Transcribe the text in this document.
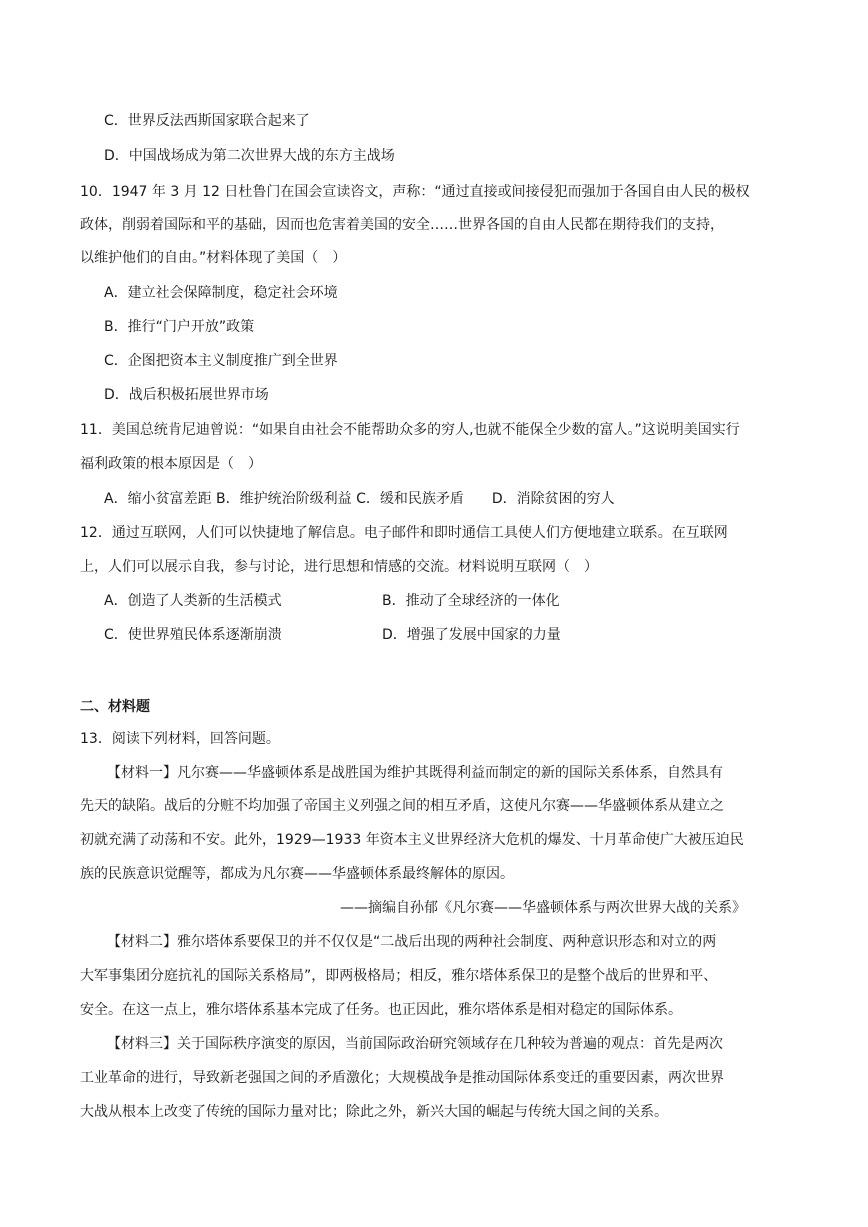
C．世界反法西斯国家联合起来了
D．中国战场成为第二次世界大战的东方主战场
10．1947 年 3 月 12 日杜鲁门在国会宣读咨文，声称：“通过直接或间接侵犯而强加于各国自由人民的极权
政体，削弱着国际和平的基础，因而也危害着美国的安全……世界各国的自由人民都在期待我们的支持，
以维护他们的自由。”材料体现了美国（　）
A．建立社会保障制度，稳定社会环境
B．推行“门户开放”政策
C．企图把资本主义制度推广到全世界
D．战后积极拓展世界市场
11．美国总统肯尼迪曾说：“如果自由社会不能帮助众多的穷人,也就不能保全少数的富人。”这说明美国实行
福利政策的根本原因是（　）
A．缩小贫富差距 B．维护统治阶级利益 C．缓和民族矛盾　　D．消除贫困的穷人
12．通过互联网，人们可以快捷地了解信息。电子邮件和即时通信工具使人们方便地建立联系。在互联网
上，人们可以展示自我，参与讨论，进行思想和情感的交流。材料说明互联网（　）
A．创造了人类新的生活模式	B．推动了全球经济的一体化
C．使世界殖民体系逐渐崩溃	D．增强了发展中国家的力量
二、材料题
13．阅读下列材料，回答问题。
【材料一】凡尔赛——华盛顿体系是战胜国为维护其既得利益而制定的新的国际关系体系，自然具有
先天的缺陷。战后的分赃不均加强了帝国主义列强之间的相互矛盾，这使凡尔赛——华盛顿体系从建立之
初就充满了动荡和不安。此外，1929—1933 年资本主义世界经济大危机的爆发、十月革命使广大被压迫民
族的民族意识觉醒等，都成为凡尔赛——华盛顿体系最终解体的原因。
——摘编自孙郁《凡尔赛——华盛顿体系与两次世界大战的关系》
【材料二】雅尔塔体系要保卫的并不仅仅是“二战后出现的两种社会制度、两种意识形态和对立的两
大军事集团分庭抗礼的国际关系格局”，即两极格局；相反，雅尔塔体系保卫的是整个战后的世界和平、
安全。在这一点上，雅尔塔体系基本完成了任务。也正因此，雅尔塔体系是相对稳定的国际体系。
【材料三】关于国际秩序演变的原因，当前国际政治研究领域存在几种较为普遍的观点：首先是两次
工业革命的进行，导致新老强国之间的矛盾激化；大规模战争是推动国际体系变迁的重要因素，两次世界
大战从根本上改变了传统的国际力量对比；除此之外，新兴大国的崛起与传统大国之间的关系。
